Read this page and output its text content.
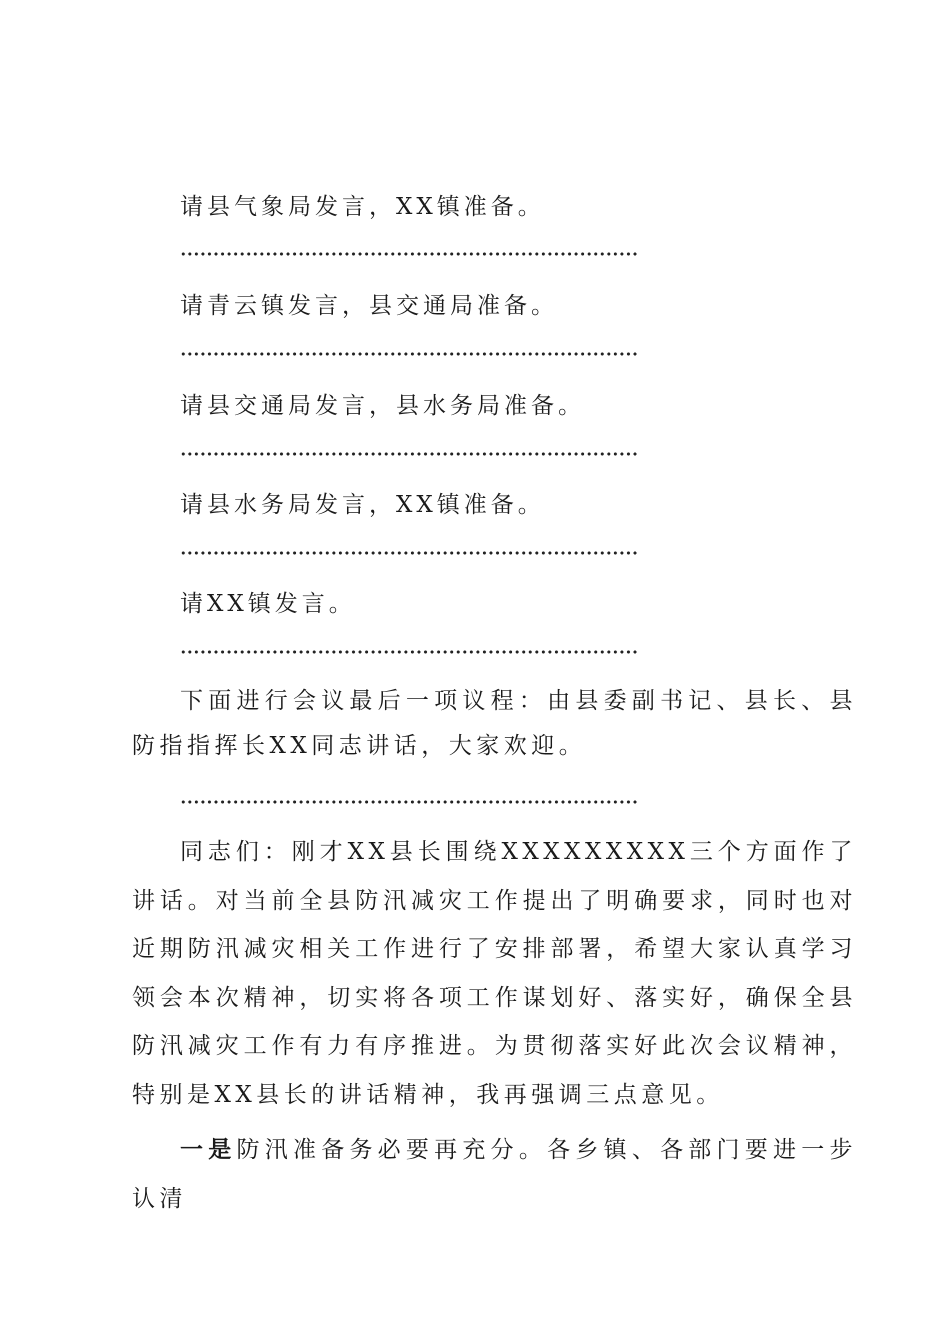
请县气象局发言，XX镇准备。
请青云镇发言，县交通局准备。
请县交通局发言，县水务局准备。
请县水务局发言，XX镇准备。
请XX镇发言。
下面进行会议最后一项议程：由县委副书记、县长、县防指指挥长XX同志讲话，大家欢迎。
同志们：刚才XX县长围绕XXXXXXXXX三个方面作了讲话。对当前全县防汛减灾工作提出了明确要求，同时也对近期防汛减灾相关工作进行了安排部署，希望大家认真学习领会本次精神，切实将各项工作谋划好、落实好，确保全县防汛减灾工作有力有序推进。为贯彻落实好此次会议精神，特别是XX县长的讲话精神，我再强调三点意见。
一是防汛准备务必要再充分。各乡镇、各部门要进一步认清
